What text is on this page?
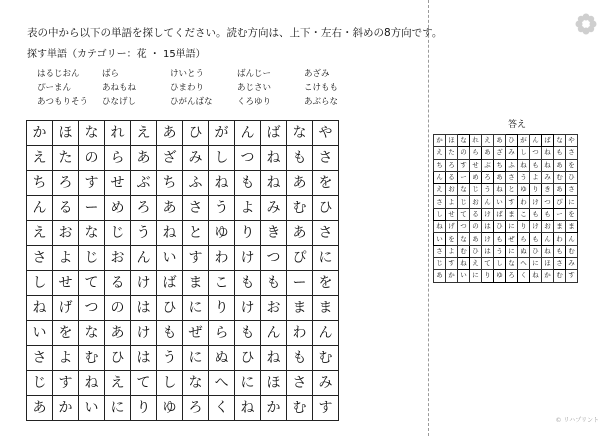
表の中から以下の単語を探してください。読む方向は、上下・左右・斜めの8方向です。
探す単語（カテゴリー：花 ・ 15単語）
はるじおん	ばら	けいとう	ばんじー	あざみ
ぴーまん	あねもね	ひまわり	あじさい	こけもも
あつもりそう ひなげし	ひがんばな	くろゆり	あぶらな
か	ほ	な	れ	え	あ	ひ	が	ん	ば	な	や
え	た	の	ら	あ	ざ	み	し	つ	ね	も	さ
ち	ろ	す	せ	ぶ	ち	ふ	ね	も	ね	あ	を
ん	る	ー	め	ろ	あ	さ	う	よ	み	む	ひ
え	お	な	じ	う	ね	と	ゆ	り	き	あ	さ
さ	よ	じ	お	ん	い	す	わ	け	つ	ぴ	に
し	せ	て	る	け	ば	ま	こ	も	も	ー	を
ね	げ	つ	の	は	ひ	に	り	け	お	ま	ま
い	を	な	あ	け	も	ぜ	ら	も	ん	わ	ん
さ	よ	む	ひ	は	う	に	ぬ	ひ	ね	も	む
じ	す	ね	え	て	し	な	へ	に	ほ	さ	み
あ	か	い	に	り	ゆ	ろ	く	ね	か	む	す
答え
か	ほ	な	れ	え	あ	ひ	が	ん	ば	な	や
え	た	の	ら	あ	ざ	み	し	つ	ね	も	さ
ち	ろ	す	せ	ぶ	ち	ふ	ね	も	ね	あ	を
ん	る	ー	め	ろ	あ	さ	う	よ	み	む	ひ
え	お	な	じ	う	ね	と	ゆ	り	き	あ	さ
さ	よ	じ	お	ん	い	す	わ	け	つ	ぴ	に
し	せ	て	る	け	ば	ま	こ	も	も	ー	を
ね	げ	つ	の	は	ひ	に	り	け	お	ま	ま
い	を	な	あ	け	も	ぜ	ら	も	ん	わ	ん
さ	よ	む	ひ	は	う	に	ぬ	ひ	ね	も	む
じ	す	ね	え	て	し	な	へ	に	ほ	さ	み
あ	か	い	に	り	ゆ	ろ	く	ね	か	む	す
© リハプリント
